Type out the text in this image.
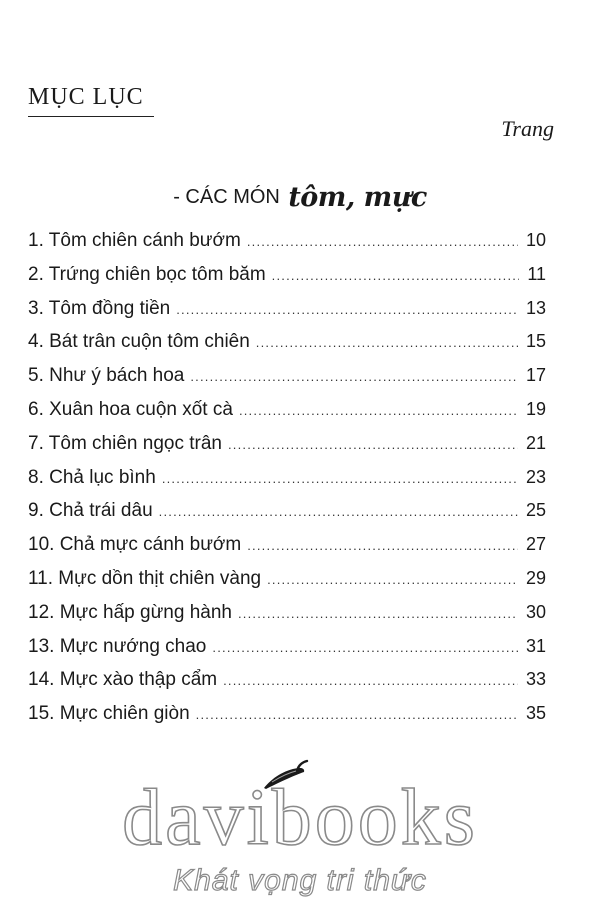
MỤC LỤC
Trang
- CÁC MÓN tôm, mực
1. Tôm chiên cánh bướm .....	10
2. Trứng chiên bọc tôm băm .....	11
3. Tôm đồng tiền .....	13
4. Bát trân cuộn tôm chiên .....	15
5. Như ý bách hoa .....	17
6. Xuân hoa cuộn xốt cà .....	19
7. Tôm chiên ngọc trân .....	21
8. Chả lục bình .....	23
9. Chả trái dâu .....	25
10. Chả mực cánh bướm .....	27
11. Mực dồn thịt chiên vàng .....	29
12. Mực hấp gừng hành .....	30
13. Mực nướng chao .....	31
14. Mực xào thập cẩm .....	33
15. Mực chiên giòn .....	35
davibooks
Khát vọng tri thức
